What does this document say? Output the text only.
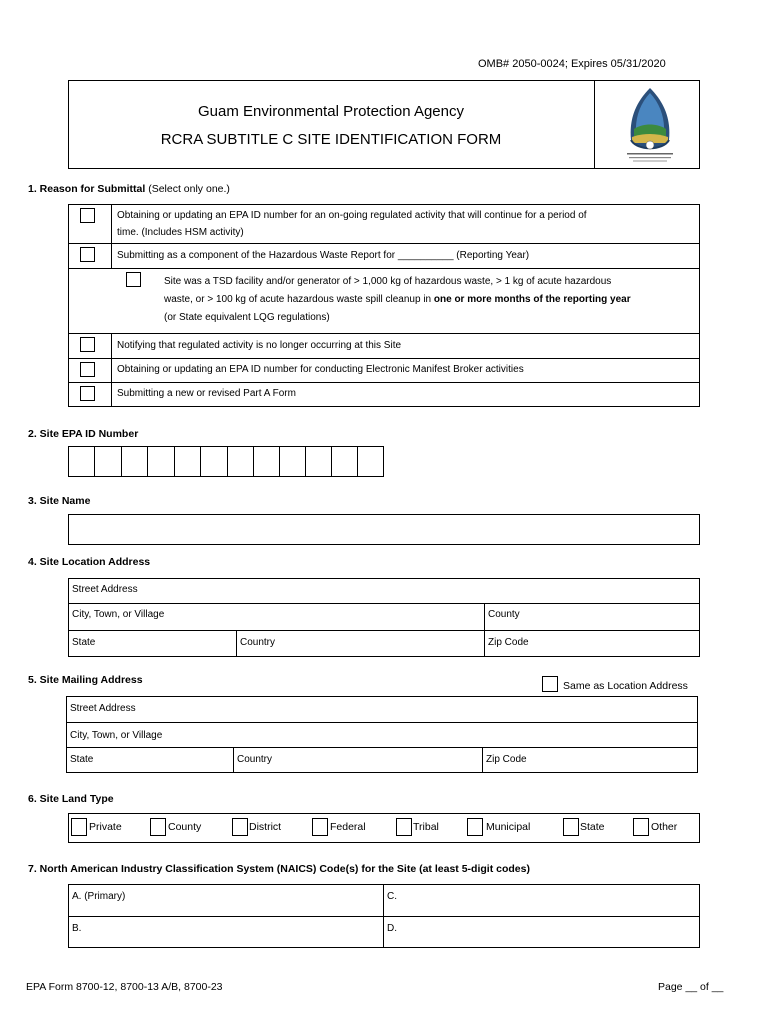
OMB# 2050-0024; Expires 05/31/2020
Guam Environmental Protection Agency
RCRA SUBTITLE C SITE IDENTIFICATION FORM
1. Reason for Submittal (Select only one.)
Obtaining or updating an EPA ID number for an on-going regulated activity that will continue for a period of
time. (Includes HSM activity)
Submitting as a component of the Hazardous Waste Report for __________ (Reporting Year)
Site was a TSD facility and/or generator of > 1,000 kg of hazardous waste, > 1 kg of acute hazardous
waste, or > 100 kg of acute hazardous waste spill cleanup in one or more months of the reporting year
(or State equivalent LQG regulations)
Notifying that regulated activity is no longer occurring at this Site
Obtaining or updating an EPA ID number for conducting Electronic Manifest Broker activities
Submitting a new or revised Part A Form
2. Site EPA ID Number
3. Site Name
4. Site Location Address
Street Address
City, Town, or Village	County
State	Country	Zip Code
5. Site Mailing Address	Same as Location Address
Street Address
City, Town, or Village
State	Country	Zip Code
6. Site Land Type
Private	County	District	Federal	Tribal	Municipal	State	Other
7. North American Industry Classification System (NAICS) Code(s) for the Site (at least 5-digit codes)
A. (Primary)	C.
B.	D.
EPA Form 8700-12, 8700-13 A/B, 8700-23	Page __ of __
